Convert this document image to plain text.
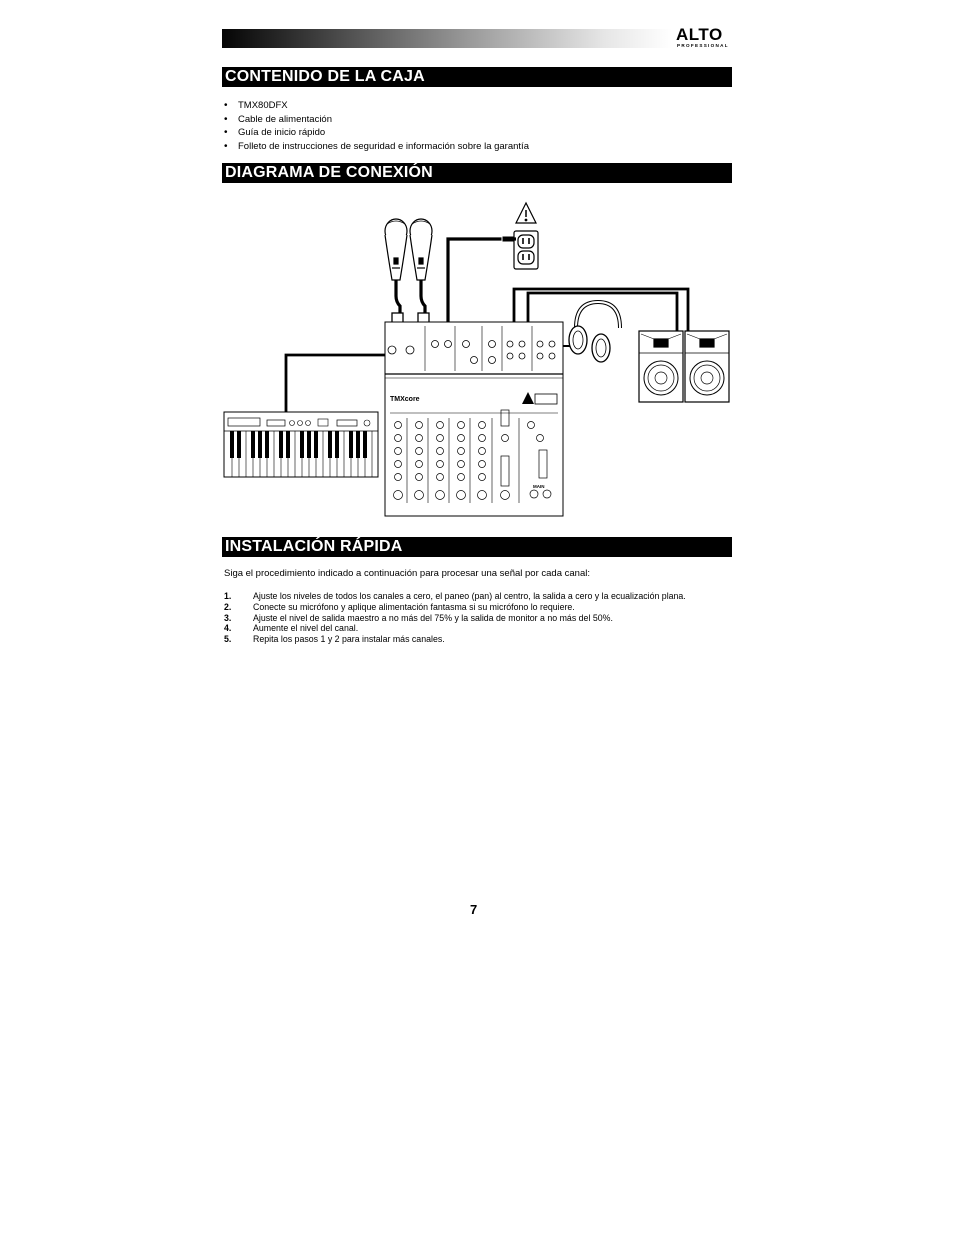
ALTO
PROFESSIONAL
CONTENIDO DE LA CAJA
• TMX80DFX
• Cable de alimentación
• Guía de inicio rápido
• Folleto de instrucciones de seguridad e información sobre la garantía
DIAGRAMA DE CONEXIÓN
TMXcore
MAIN
INSTALACIÓN RÁPIDA
Siga el procedimiento indicado a continuación para procesar una señal por cada canal:
1. Ajuste los niveles de todos los canales a cero, el paneo (pan) al centro, la salida a cero y la ecualización plana.
2. Conecte su micrófono y aplique alimentación fantasma si su micrófono lo requiere.
3. Ajuste el nivel de salida maestro a no más del 75% y la salida de monitor a no más del 50%.
4. Aumente el nivel del canal.
5. Repita los pasos 1 y 2 para instalar más canales.
7
